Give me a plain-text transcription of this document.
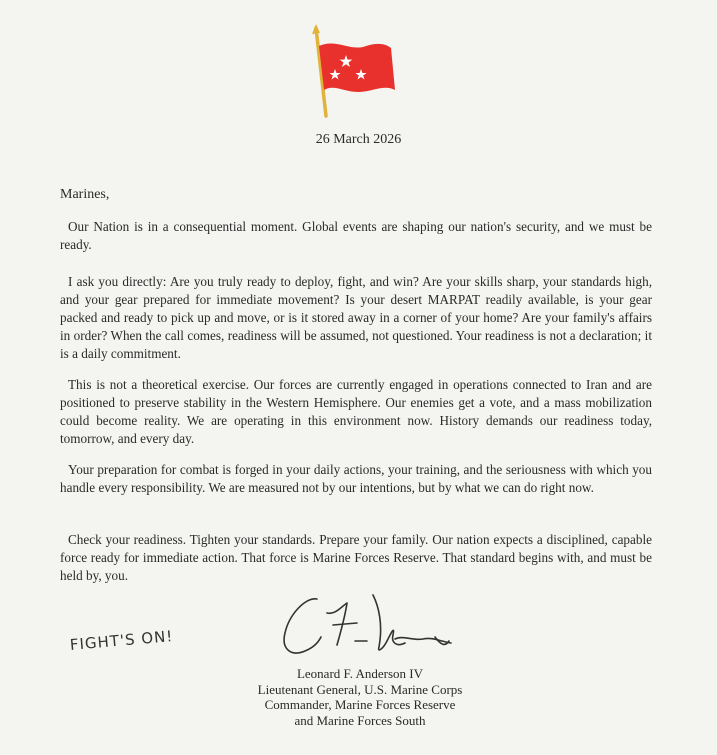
26 March 2026
Marines,

Our Nation is in a consequential moment. Global events are shaping our nation's security, and we must be ready.

I ask you directly: Are you truly ready to deploy, fight, and win? Are your skills sharp, your standards high, and your gear prepared for immediate movement? Is your desert MARPAT readily available, is your gear packed and ready to pick up and move, or is it stored away in a corner of your home? Are your family's affairs in order? When the call comes, readiness will be assumed, not questioned. Your readiness is not a declaration; it is a daily commitment.

This is not a theoretical exercise. Our forces are currently engaged in operations connected to Iran and are positioned to preserve stability in the Western Hemisphere. Our enemies get a vote, and a mass mobilization could become reality. We are operating in this environment now. History demands our readiness today, tomorrow, and every day.

Your preparation for combat is forged in your daily actions, your training, and the seriousness with which you handle every responsibility. We are measured not by our intentions, but by what we can do right now.

Check your readiness. Tighten your standards. Prepare your family. Our nation expects a disciplined, capable force ready for immediate action. That force is Marine Forces Reserve. That standard begins with, and must be held by, you.

FIGHT'S ON!
Leonard F. Anderson IV
Lieutenant General, U.S. Marine Corps
Commander, Marine Forces Reserve
and Marine Forces South
